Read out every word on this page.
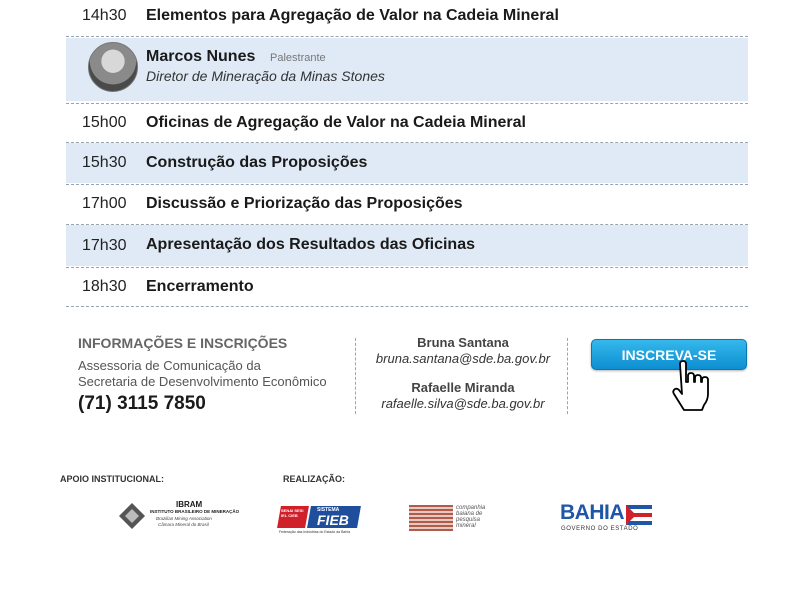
14h30 Elementos para Agregação de Valor na Cadeia Mineral
Marcos Nunes Palestrante
Diretor de Mineração da Minas Stones
15h00 Oficinas de Agregação de Valor na Cadeia Mineral
15h30 Construção das Proposições
17h00 Discussão e Priorização das Proposições
17h30 Apresentação dos Resultados das Oficinas
18h30 Encerramento
INFORMAÇÕES E INSCRIÇÕES
Assessoria de Comunicação da
Secretaria de Desenvolvimento Econômico
(71) 3115 7850
Bruna Santana
bruna.santana@sde.ba.gov.br
Rafaelle Miranda
rafaelle.silva@sde.ba.gov.br
INSCREVA-SE
APOIO INSTITUCIONAL:	REALIZAÇÃO:
IBRAM
INSTITUTO BRASILEIRO DE MINERAÇÃO
Brazilian Mining Association
Câmara Mineral do Brasil
SENAI SESI IEL CIEB
SISTEMA
FIEB
Federação das Indústrias do Estado da Bahia
companhia
baiana de
pesquisa
mineral
BAHIA
GOVERNO DO ESTADO
